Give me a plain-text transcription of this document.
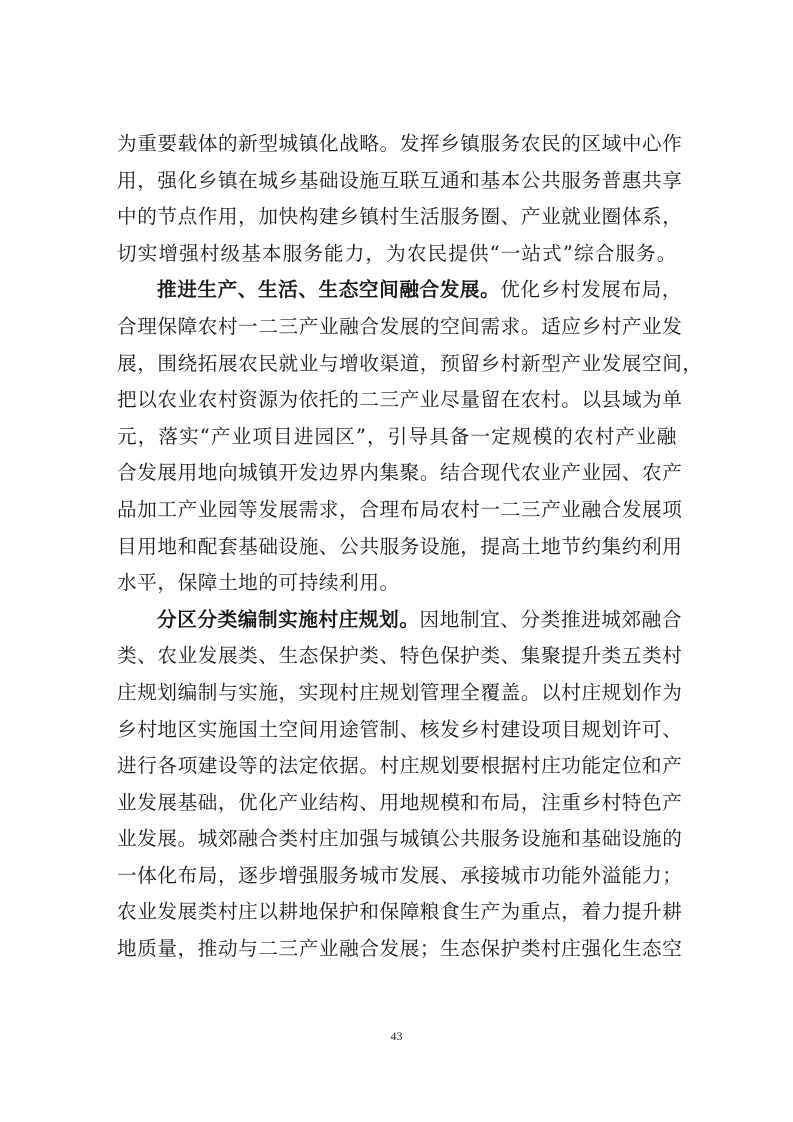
为重要载体的新型城镇化战略。发挥乡镇服务农民的区域中心作
用，强化乡镇在城乡基础设施互联互通和基本公共服务普惠共享
中的节点作用，加快构建乡镇村生活服务圈、产业就业圈体系，
切实增强村级基本服务能力，为农民提供“一站式”综合服务。
推进生产、生活、生态空间融合发展。优化乡村发展布局，
合理保障农村一二三产业融合发展的空间需求。适应乡村产业发
展，围绕拓展农民就业与增收渠道，预留乡村新型产业发展空间，
把以农业农村资源为依托的二三产业尽量留在农村。以县域为单
元，落实“产业项目进园区”，引导具备一定规模的农村产业融
合发展用地向城镇开发边界内集聚。结合现代农业产业园、农产
品加工产业园等发展需求，合理布局农村一二三产业融合发展项
目用地和配套基础设施、公共服务设施，提高土地节约集约利用
水平，保障土地的可持续利用。
分区分类编制实施村庄规划。因地制宜、分类推进城郊融合
类、农业发展类、生态保护类、特色保护类、集聚提升类五类村
庄规划编制与实施，实现村庄规划管理全覆盖。以村庄规划作为
乡村地区实施国土空间用途管制、核发乡村建设项目规划许可、
进行各项建设等的法定依据。村庄规划要根据村庄功能定位和产
业发展基础，优化产业结构、用地规模和布局，注重乡村特色产
业发展。城郊融合类村庄加强与城镇公共服务设施和基础设施的
一体化布局，逐步增强服务城市发展、承接城市功能外溢能力；
农业发展类村庄以耕地保护和保障粮食生产为重点，着力提升耕
地质量，推动与二三产业融合发展；生态保护类村庄强化生态空
43
